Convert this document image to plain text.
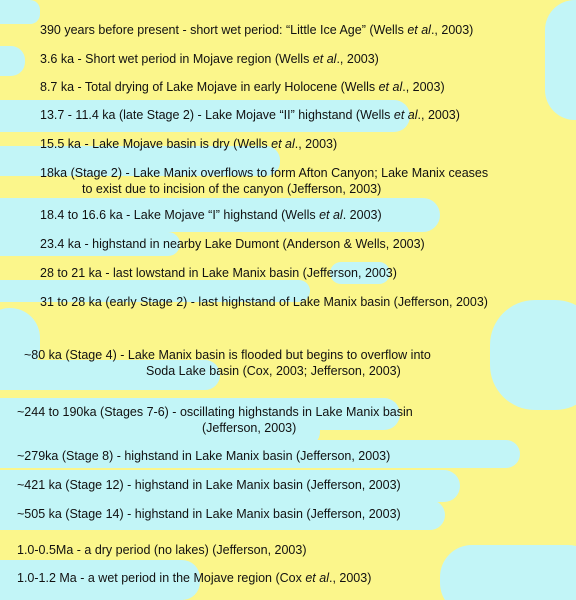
390 years before present - short wet period: “Little Ice Age” (Wells et al., 2003)
3.6 ka - Short wet period in Mojave region (Wells et al., 2003)
8.7 ka - Total drying of Lake Mojave in early Holocene (Wells et al., 2003)
13.7 - 11.4 ka (late Stage 2) - Lake Mojave “II” highstand (Wells et al., 2003)
15.5 ka - Lake Mojave basin is dry (Wells et al., 2003)
18ka (Stage 2) - Lake Manix overflows to form Afton Canyon; Lake Manix ceases
to exist due to incision of the canyon (Jefferson, 2003)
18.4 to 16.6 ka - Lake Mojave “I” highstand (Wells et al. 2003)
23.4 ka - highstand in nearby Lake Dumont (Anderson & Wells, 2003)
28 to 21 ka - last lowstand in Lake Manix basin (Jefferson, 2003)
31 to 28 ka (early Stage 2) - last highstand of Lake Manix basin (Jefferson, 2003)
~80 ka (Stage 4) - Lake Manix basin is flooded but begins to overflow into
Soda Lake basin (Cox, 2003; Jefferson, 2003)
~244 to 190ka (Stages 7-6) - oscillating highstands in Lake Manix basin
(Jefferson, 2003)
~279ka (Stage 8) - highstand in Lake Manix basin (Jefferson, 2003)
~421 ka (Stage 12) - highstand in Lake Manix basin (Jefferson, 2003)
~505 ka (Stage 14) - highstand in Lake Manix basin (Jefferson, 2003)
1.0-0.5Ma - a dry period (no lakes) (Jefferson, 2003)
1.0-1.2 Ma - a wet period in the Mojave region (Cox et al., 2003)
